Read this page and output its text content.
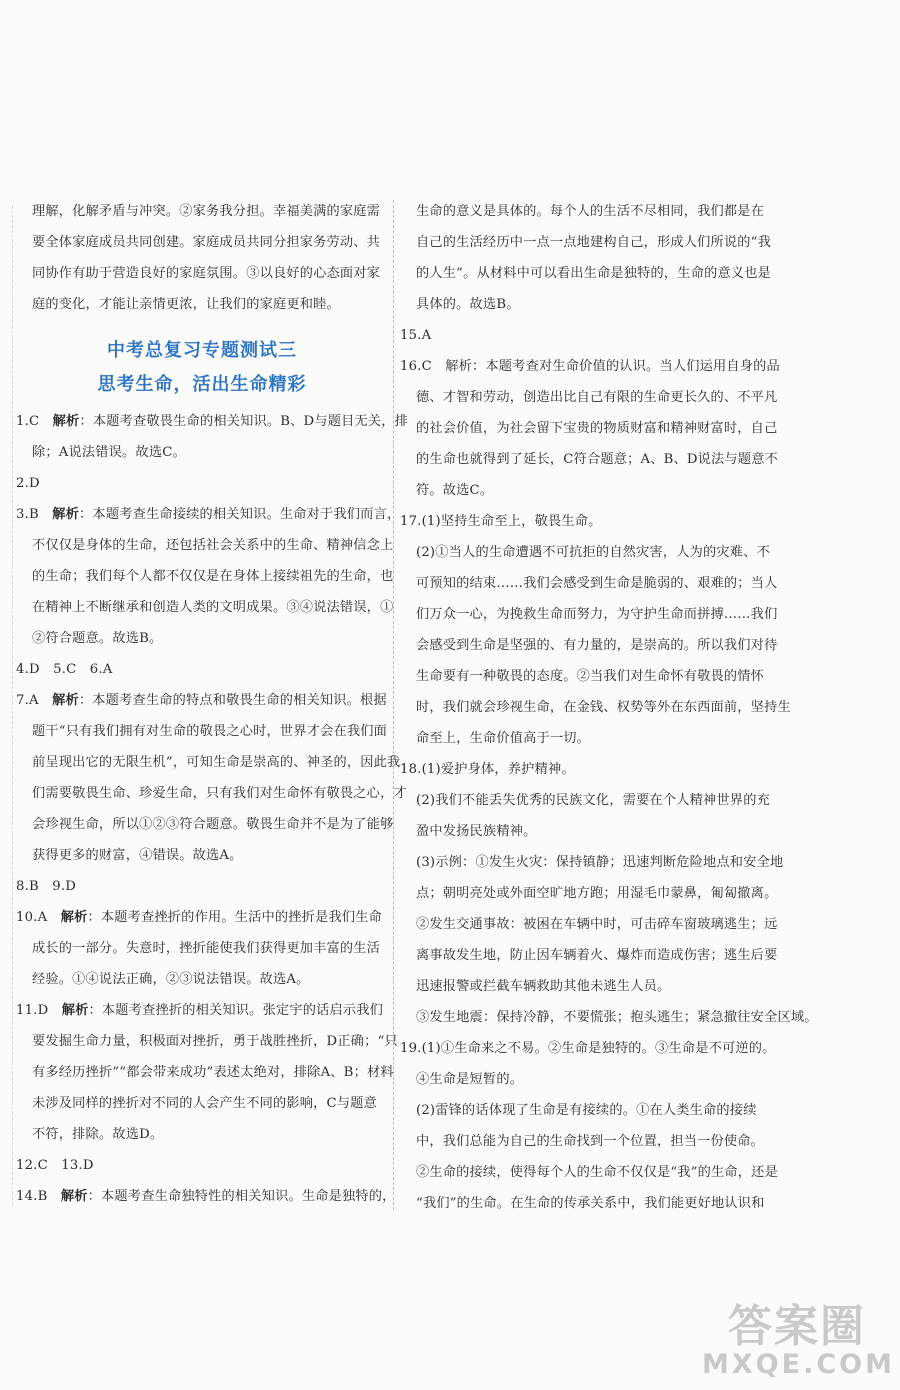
理解，化解矛盾与冲突。②家务我分担。幸福美满的家庭需
要全体家庭成员共同创建。家庭成员共同分担家务劳动、共
同协作有助于营造良好的家庭氛围。③以良好的心态面对家
庭的变化，才能让亲情更浓，让我们的家庭更和睦。
中考总复习专题测试三
思考生命，活出生命精彩
1.C　 解析：本题考查敬畏生命的相关知识。B、D与题目无关，排
除；A说法错误。故选C。
2.D
3.B　 解析：本题考查生命接续的相关知识。生命对于我们而言，
不仅仅是身体的生命，还包括社会关系中的生命、精神信念上
的生命；我们每个人都不仅仅是在身体上接续祖先的生命，也
在精神上不断继承和创造人类的文明成果。③④说法错误，①
②符合题意。故选B。
4.D　5.C　6.A
7.A　 解析：本题考查生命的特点和敬畏生命的相关知识。根据
题干“只有我们拥有对生命的敬畏之心时，世界才会在我们面
前呈现出它的无限生机”，可知生命是崇高的、神圣的，因此我
们需要敬畏生命、珍爱生命，只有我们对生命怀有敬畏之心，才
会珍视生命，所以①②③符合题意。敬畏生命并不是为了能够
获得更多的财富，④错误。故选A。
8.B　9.D
10.A　 解析：本题考查挫折的作用。生活中的挫折是我们生命
成长的一部分。失意时，挫折能使我们获得更加丰富的生活
经验。①④说法正确，②③说法错误。故选A。
11.D　 解析：本题考查挫折的相关知识。张定宇的话启示我们
要发掘生命力量，积极面对挫折，勇于战胜挫折，D正确；“只
有多经历挫折”“都会带来成功”表述太绝对，排除A、B；材料
未涉及同样的挫折对不同的人会产生不同的影响，C与题意
不符，排除。故选D。
12.C　13.D
14.B　 解析：本题考查生命独特性的相关知识。生命是独特的，
生命的意义是具体的。每个人的生活不尽相同，我们都是在
自己的生活经历中一点一点地建构自己，形成人们所说的“我
的人生”。从材料中可以看出生命是独特的，生命的意义也是
具体的。故选B。
15.A
16.C　解析：本题考查对生命价值的认识。当人们运用自身的品
德、才智和劳动，创造出比自己有限的生命更长久的、不平凡
的社会价值，为社会留下宝贵的物质财富和精神财富时，自己
的生命也就得到了延长，C符合题意；A、B、D说法与题意不
符。故选C。
17.(1)坚持生命至上，敬畏生命。
(2)①当人的生命遭遇不可抗拒的自然灾害，人为的灾难、不
可预知的结束……我们会感受到生命是脆弱的、艰难的；当人
们万众一心，为挽救生命而努力，为守护生命而拼搏……我们
会感受到生命是坚强的、有力量的，是崇高的。所以我们对待
生命要有一种敬畏的态度。②当我们对生命怀有敬畏的情怀
时，我们就会珍视生命，在金钱、权势等外在东西面前，坚持生
命至上，生命价值高于一切。
18.(1)爱护身体，养护精神。
(2)我们不能丢失优秀的民族文化，需要在个人精神世界的充
盈中发扬民族精神。
(3)示例：①发生火灾：保持镇静；迅速判断危险地点和安全地
点；朝明亮处或外面空旷地方跑；用湿毛巾蒙鼻，匍匐撤离。
②发生交通事故：被困在车辆中时，可击碎车窗玻璃逃生；远
离事故发生地，防止因车辆着火、爆炸而造成伤害；逃生后要
迅速报警或拦截车辆救助其他未逃生人员。
③发生地震：保持冷静，不要慌张；抱头逃生；紧急撤往安全区域。
19.(1)①生命来之不易。②生命是独特的。③生命是不可逆的。
④生命是短暂的。
(2)雷锋的话体现了生命是有接续的。①在人类生命的接续
中，我们总能为自己的生命找到一个位置，担当一份使命。
②生命的接续，使得每个人的生命不仅仅是“我”的生命，还是
“我们”的生命。在生命的传承关系中，我们能更好地认识和
答案圈
MXQE.COM
